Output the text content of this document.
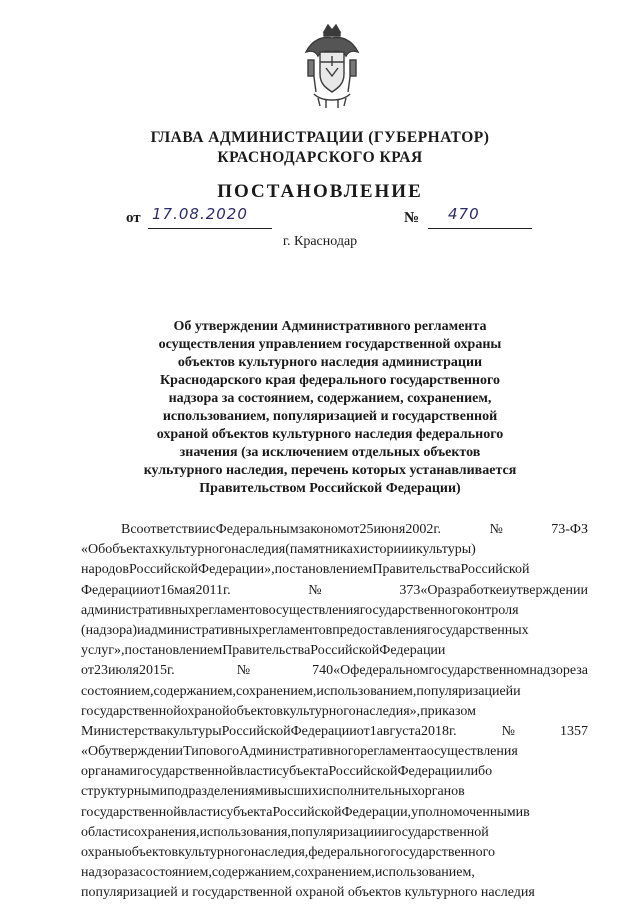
ГЛАВА АДМИНИСТРАЦИИ (ГУБЕРНАТОР)
КРАСНОДАРСКОГО КРАЯ
ПОСТАНОВЛЕНИЕ
от 17.08.2020	№ 470
г. Краснодар
Об утверждении Административного регламента
осуществления управлением государственной охраны
объектов культурного наследия администрации
Краснодарского края федерального государственного
надзора за состоянием, содержанием, сохранением,
использованием, популяризацией и государственной
охраной объектов культурного наследия федерального
значения (за исключением отдельных объектов
культурного наследия, перечень которых устанавливается
Правительством Российской Федерации)
ВсоответствиисФедеральнымзакономот25июня2002г.№73-ФЗ
«Обобъектахкультурногонаследия(памятникахисторииикультуры)
народовРоссийскойФедерации»,постановлениемПравительстваРоссийской
Федерацииот16мая2011г.№373«Оразработкеиутверждении
административныхрегламентовосуществлениягосударственногоконтроля
(надзора)иадминистративныхрегламентовпредоставлениягосударственных
услуг»,постановлениемПравительстваРоссийскойФедерации
от23июля2015г.№740«Офедеральномгосударственномнадзореза
состоянием,содержанием,сохранением,использованием,популяризациейи
государственнойохранойобъектовкультурногонаследия»,приказом
МинистерствакультурыРоссийскойФедерацииот1августа2018г.№1357
«ОбутвержденииТиповогоАдминистративногорегламентаосуществления
органамигосударственнойвластисубъектаРоссийскойФедерациилибо
структурнымиподразделениямивысшихисполнительныхорганов
государственнойвластисубъектаРоссийскойФедерации,уполномоченнымив
областисохранения,использования,популяризацииигосударственной
охраныобъектовкультурногонаследия,федеральногогосударственного
надзоразасостоянием,содержанием,сохранением,использованием,
популяризацией и государственной охраной объектов культурного наследия
